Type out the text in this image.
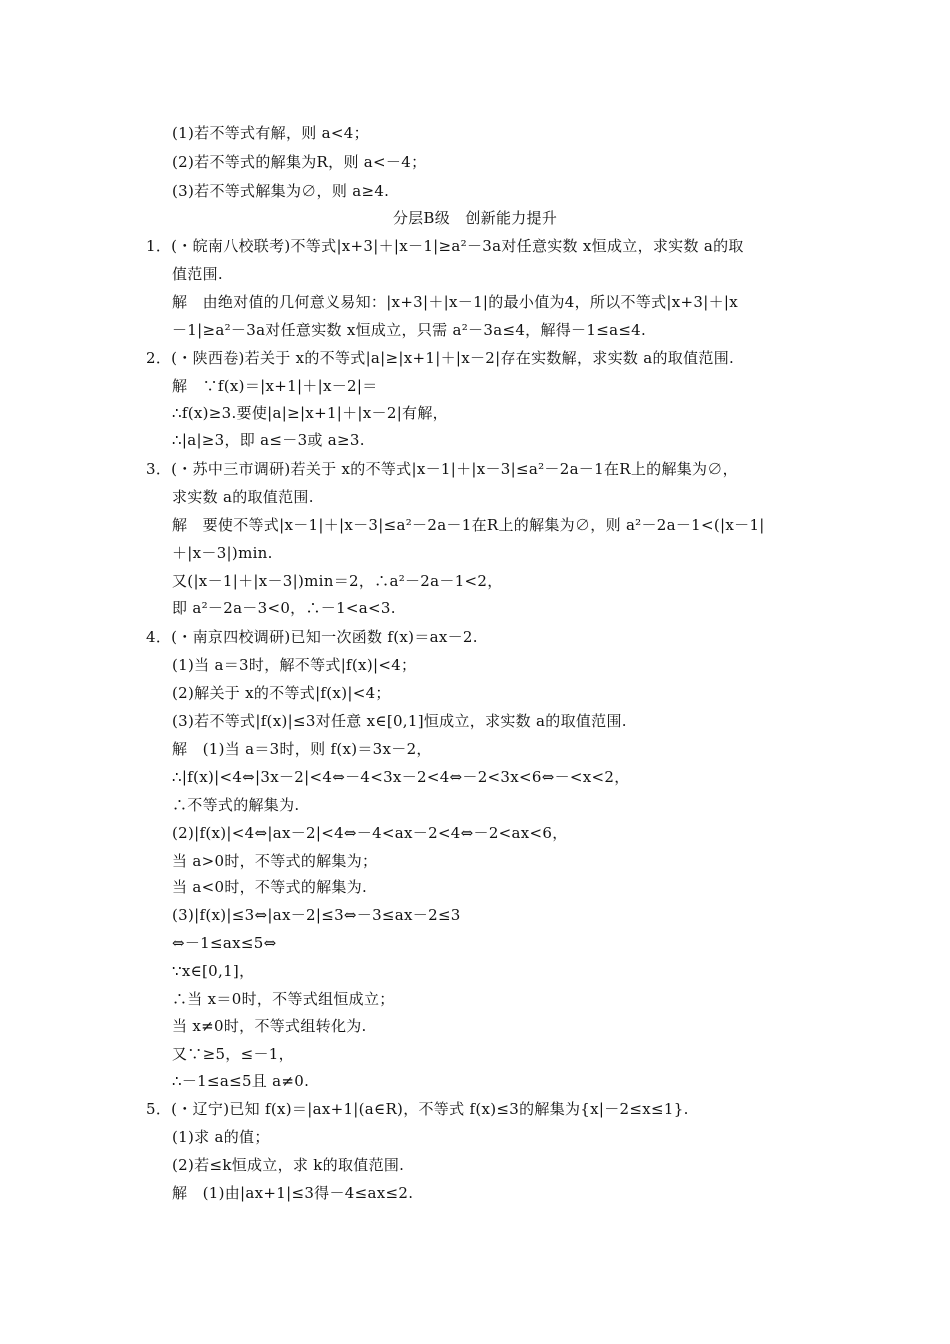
(1)若不等式有解，则 a<4；
(2)若不等式的解集为R，则 a<－4；
(3)若不等式解集为∅，则 a≥4.
分层B级　创新能力提升
1．(・皖南八校联考)不等式|x+3|＋|x－1|≥a²－3a对任意实数 x恒成立，求实数 a的取
值范围.
解　由绝对值的几何意义易知：|x+3|＋|x－1|的最小值为4，所以不等式|x+3|＋|x
－1|≥a²－3a对任意实数 x恒成立，只需 a²－3a≤4，解得－1≤a≤4.
2．(・陕西卷)若关于 x的不等式|a|≥|x+1|＋|x－2|存在实数解，求实数 a的取值范围.
解　∵f(x)＝|x+1|＋|x－2|＝
∴f(x)≥3.要使|a|≥|x+1|＋|x－2|有解，
∴|a|≥3，即 a≤－3或 a≥3.
3．(・苏中三市调研)若关于 x的不等式|x－1|＋|x－3|≤a²－2a－1在R上的解集为∅，
求实数 a的取值范围.
解　要使不等式|x－1|＋|x－3|≤a²－2a－1在R上的解集为∅，则 a²－2a－1<(|x－1|
＋|x－3|)min.
又(|x－1|＋|x－3|)min＝2，∴a²－2a－1<2，
即 a²－2a－3<0，∴－1<a<3.
4．(・南京四校调研)已知一次函数 f(x)＝ax－2.
(1)当 a＝3时，解不等式|f(x)|<4；
(2)解关于 x的不等式|f(x)|<4；
(3)若不等式|f(x)|≤3对任意 x∈[0,1]恒成立，求实数 a的取值范围.
解　(1)当 a＝3时，则 f(x)＝3x－2，
∴|f(x)|<4⇔|3x－2|<4⇔－4<3x－2<4⇔－2<3x<6⇔－<x<2，
∴不等式的解集为.
(2)|f(x)|<4⇔|ax－2|<4⇔－4<ax－2<4⇔－2<ax<6，
当 a>0时，不等式的解集为；
当 a<0时，不等式的解集为.
(3)|f(x)|≤3⇔|ax－2|≤3⇔－3≤ax－2≤3
⇔－1≤ax≤5⇔
∵x∈[0,1]，
∴当 x＝0时，不等式组恒成立；
当 x≠0时，不等式组转化为.
又∵≥5，≤－1，
∴－1≤a≤5且 a≠0.
5．(・辽宁)已知 f(x)＝|ax+1|(a∈R)，不等式 f(x)≤3的解集为{x|－2≤x≤1}.
(1)求 a的值；
(2)若≤k恒成立，求 k的取值范围.
解　(1)由|ax+1|≤3得－4≤ax≤2.
